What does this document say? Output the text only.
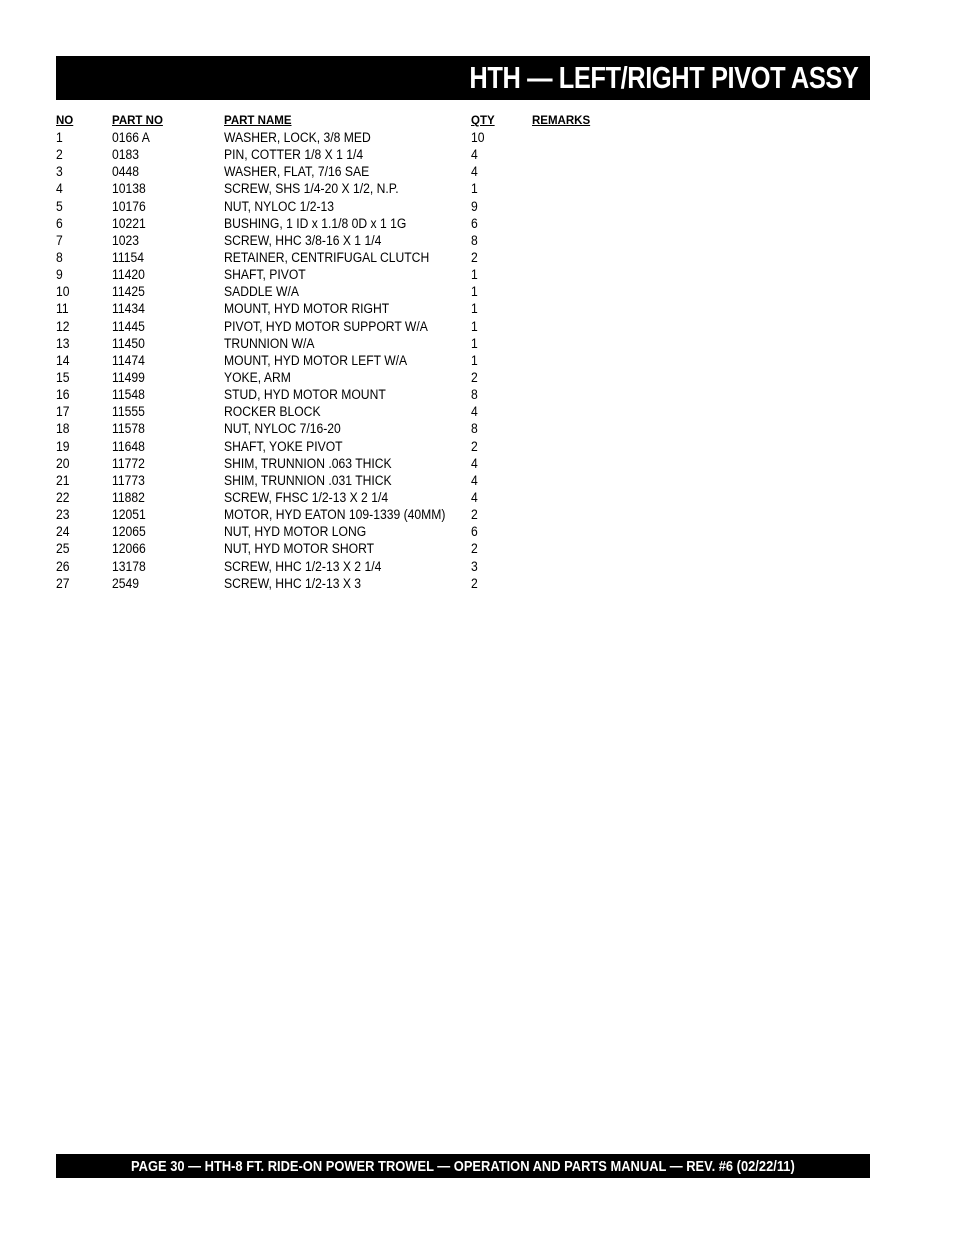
HTH — LEFT/RIGHT PIVOT ASSY
NO	PART NO	PART NAME	QTY	REMARKS
1	0166 A	WASHER, LOCK, 3/8 MED	10
2	0183	PIN, COTTER 1/8 X 1 1/4	4
3	0448	WASHER, FLAT, 7/16 SAE	4
4	10138	SCREW, SHS 1/4-20 X 1/2, N.P.	1
5	10176	NUT, NYLOC 1/2-13	9
6	10221	BUSHING, 1 ID x 1.1/8 0D x 1 1G	6
7	1023	SCREW, HHC 3/8-16 X 1 1/4	8
8	11154	RETAINER, CENTRIFUGAL CLUTCH	2
9	11420	SHAFT, PIVOT	1
10	11425	SADDLE W/A	1
11	11434	MOUNT, HYD MOTOR RIGHT	1
12	11445	PIVOT, HYD MOTOR SUPPORT W/A	1
13	11450	TRUNNION W/A	1
14	11474	MOUNT, HYD MOTOR LEFT W/A	1
15	11499	YOKE, ARM	2
16	11548	STUD, HYD MOTOR MOUNT	8
17	11555	ROCKER BLOCK	4
18	11578	NUT, NYLOC 7/16-20	8
19	11648	SHAFT, YOKE PIVOT	2
20	11772	SHIM, TRUNNION .063 THICK	4
21	11773	SHIM, TRUNNION .031 THICK	4
22	11882	SCREW, FHSC 1/2-13 X 2 1/4	4
23	12051	MOTOR, HYD EATON 109-1339 (40MM)	2
24	12065	NUT, HYD MOTOR LONG	6
25	12066	NUT, HYD MOTOR SHORT	2
26	13178	SCREW, HHC 1/2-13 X 2 1/4	3
27	2549	SCREW, HHC 1/2-13 X 3	2
PAGE 30 — HTH-8 FT. RIDE-ON POWER TROWEL — OPERATION AND PARTS MANUAL — REV. #6 (02/22/11)
